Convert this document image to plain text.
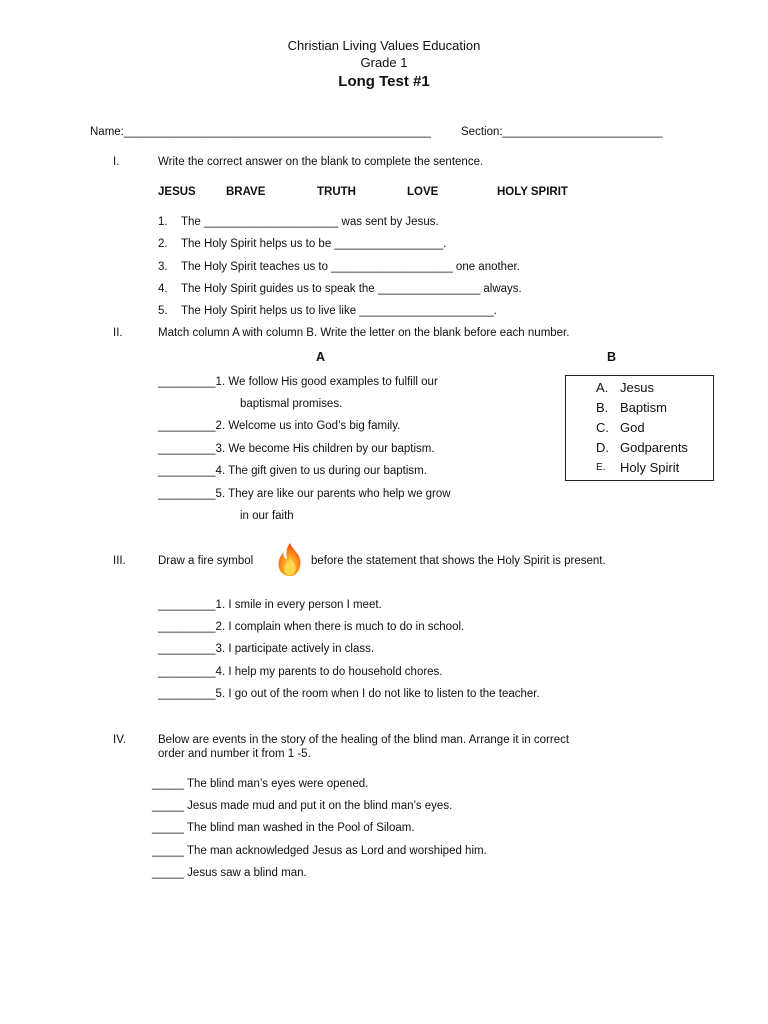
Christian Living Values Education
Grade 1
Long Test #1
Name:________________________________________________	Section:_________________________
I.	Write the correct answer on the blank to complete the sentence.
JESUS	BRAVE	TRUTH	LOVE	HOLY SPIRIT
1. The _____________________ was sent by Jesus.
2. The Holy Spirit helps us to be _________________.
3. The Holy Spirit teaches us to ___________________ one another.
4. The Holy Spirit guides us to speak the ________________ always.
5. The Holy Spirit helps us to live like _____________________.
II.	Match column A with column B. Write the letter on the blank before each number.
A	B
_________1. We follow His good examples to fulfill our
baptismal promises.
_________2. Welcome us into God’s big family.
_________3. We become His children by our baptism.
_________4. The gift given to us during our baptism.
_________5. They are like our parents who help we grow
in our faith
A. Jesus
B. Baptism
C. God
D. Godparents
E.	Holy Spirit
III.	Draw a fire symbol	before the statement that shows the Holy Spirit is present.
_________1. I smile in every person I meet.
_________2. I complain when there is much to do in school.
_________3. I participate actively in class.
_________4. I help my parents to do household chores.
_________5. I go out of the room when I do not like to listen to the teacher.
IV.	Below are events in the story of the healing of the blind man. Arrange it in correct
order and number it from 1 -5.
_____ The blind man’s eyes were opened.
_____ Jesus made mud and put it on the blind man’s eyes.
_____ The blind man washed in the Pool of Siloam.
_____ The man acknowledged Jesus as Lord and worshiped him.
_____ Jesus saw a blind man.
